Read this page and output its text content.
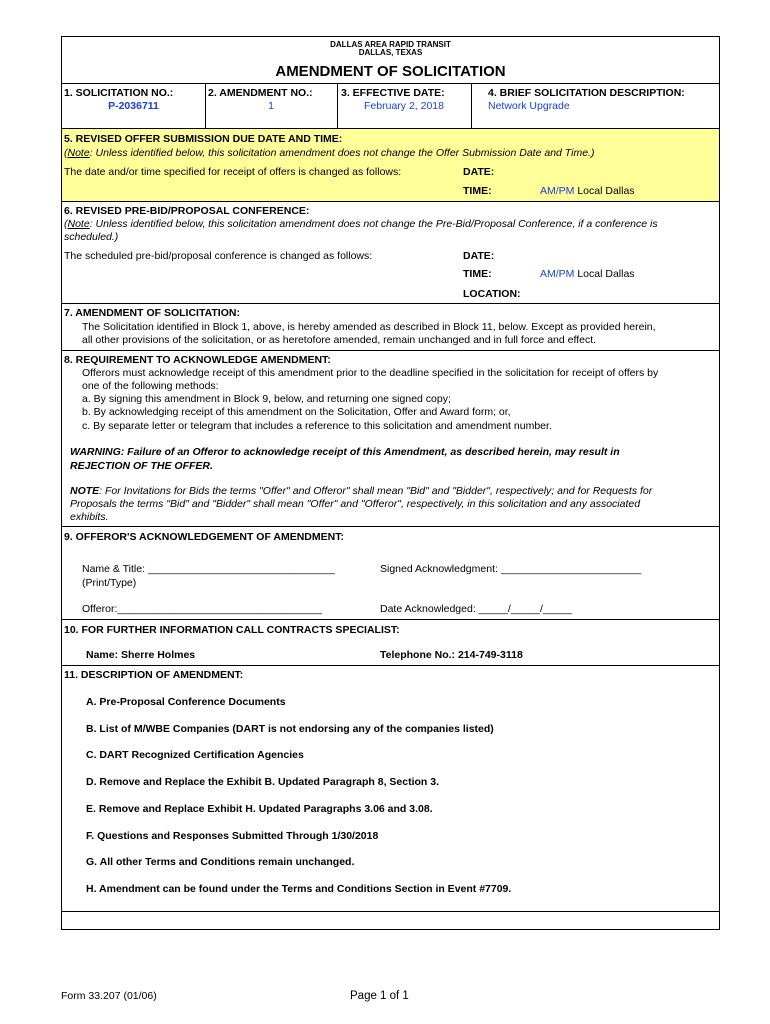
DALLAS AREA RAPID TRANSIT
DALLAS, TEXAS
AMENDMENT OF SOLICITATION
1. SOLICITATION NO.:
P-2036711
2. AMENDMENT NO.:
1
3. EFFECTIVE DATE:
February 2, 2018
4. BRIEF SOLICITATION DESCRIPTION:
Network Upgrade
5. REVISED OFFER SUBMISSION DUE DATE AND TIME:
(Note: Unless identified below, this solicitation amendment does not change the Offer Submission Date and Time.)
The date and/or time specified for receipt of offers is changed as follows:	DATE:
TIME:	AM/PM Local Dallas
6. REVISED PRE-BID/PROPOSAL CONFERENCE:
(Note: Unless identified below, this solicitation amendment does not change the Pre-Bid/Proposal Conference, if a conference is
scheduled.)
The scheduled pre-bid/proposal conference is changed as follows:	DATE:
TIME:	AM/PM Local Dallas
LOCATION:
7. AMENDMENT OF SOLICITATION:
The Solicitation identified in Block 1, above, is hereby amended as described in Block 11, below. Except as provided herein,
all other provisions of the solicitation, or as heretofore amended, remain unchanged and in full force and effect.
8. REQUIREMENT TO ACKNOWLEDGE AMENDMENT:
Offerors must acknowledge receipt of this amendment prior to the deadline specified in the solicitation for receipt of offers by
one of the following methods:
a. By signing this amendment in Block 9, below, and returning one signed copy;
b. By acknowledging receipt of this amendment on the Solicitation, Offer and Award form; or,
c. By separate letter or telegram that includes a reference to this solicitation and amendment number.
WARNING: Failure of an Offeror to acknowledge receipt of this Amendment, as described herein, may result in
REJECTION OF THE OFFER.
NOTE: For Invitations for Bids the terms "Offer" and Offeror" shall mean "Bid" and "Bidder", respectively; and for Requests for
Proposals the terms "Bid" and "Bidder" shall mean "Offer" and "Offeror", respectively, in this solicitation and any associated
exhibits.
9. OFFEROR'S ACKNOWLEDGEMENT OF AMENDMENT:
Name & Title: ________________________________
(Print/Type)
Signed Acknowledgment: ________________________
Offeror:___________________________________	Date Acknowledged: _____/_____/_____
10. FOR FURTHER INFORMATION CALL CONTRACTS SPECIALIST:
Name: Sherre Holmes	Telephone No.: 214-749-3118
11. DESCRIPTION OF AMENDMENT:
A. Pre-Proposal Conference Documents
B. List of M/WBE Companies (DART is not endorsing any of the companies listed)
C. DART Recognized Certification Agencies
D. Remove and Replace the Exhibit B. Updated Paragraph 8, Section 3.
E. Remove and Replace Exhibit H. Updated Paragraphs 3.06 and 3.08.
F. Questions and Responses Submitted Through 1/30/2018
G. All other Terms and Conditions remain unchanged.
H. Amendment can be found under the Terms and Conditions Section in Event #7709.
Form 33.207 (01/06)	Page 1 of 1
